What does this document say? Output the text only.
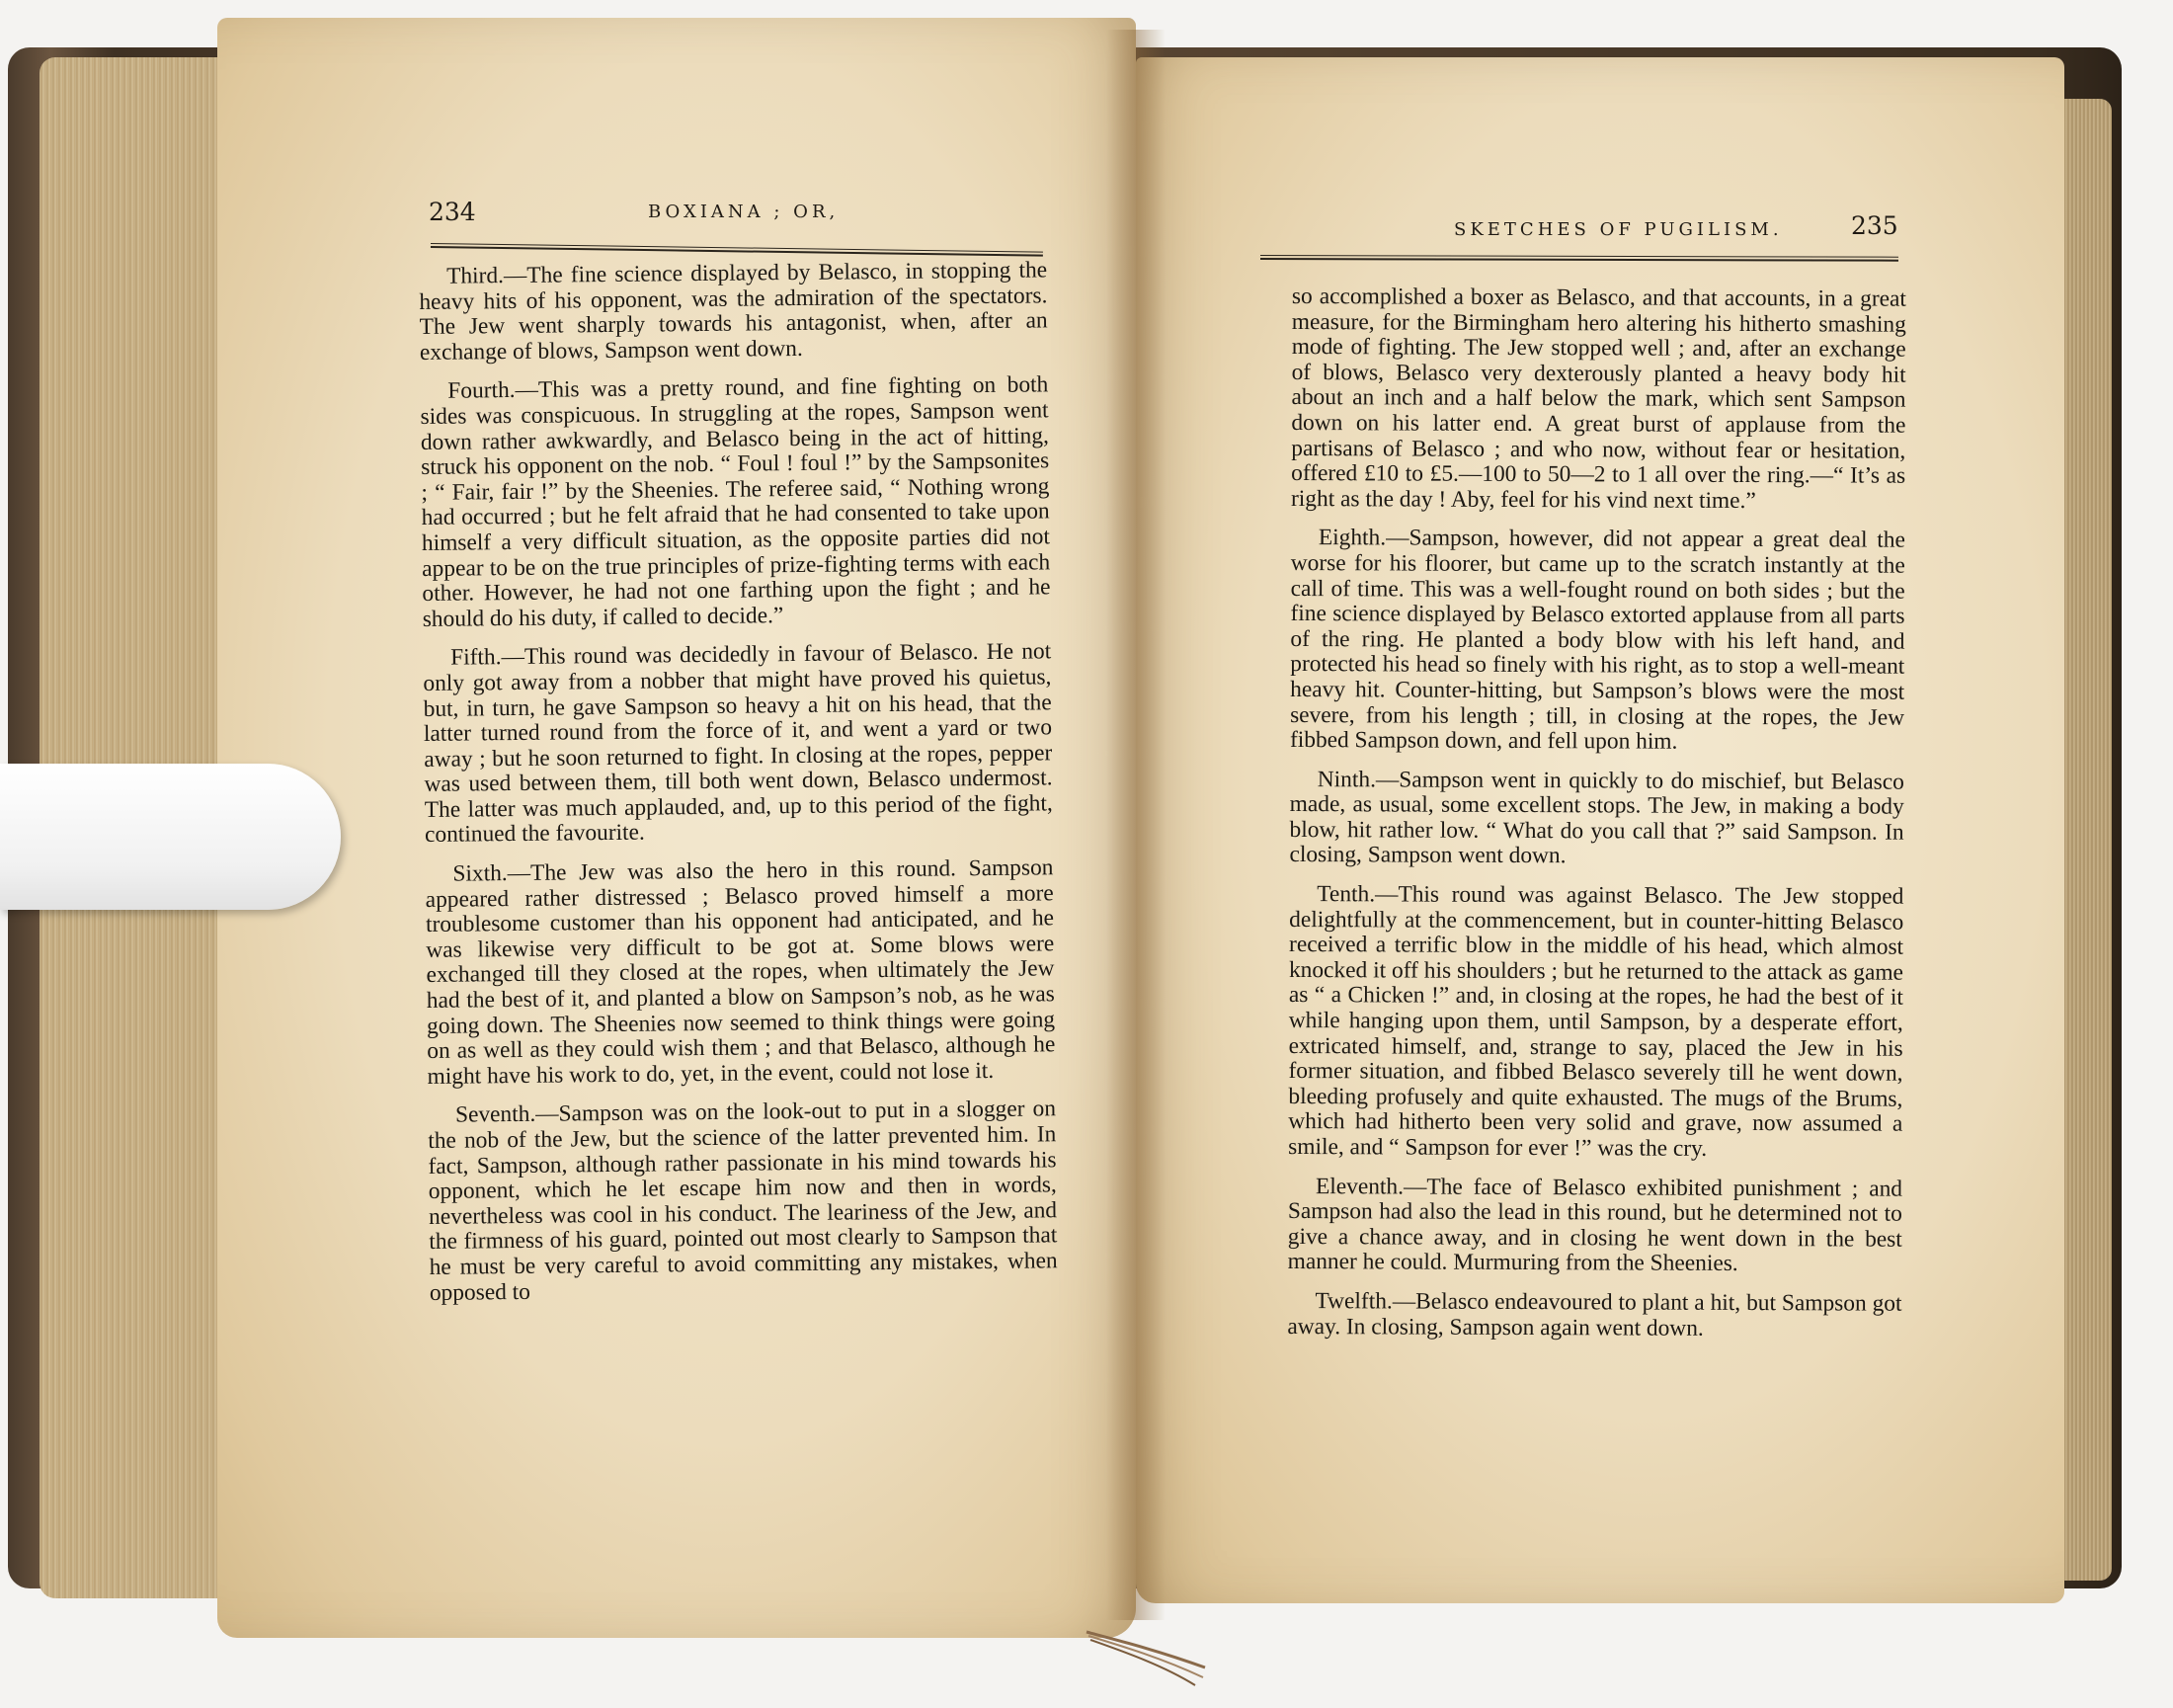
234	BOXIANA ; OR,
SKETCHES OF PUGILISM.	235

Third.—The fine science displayed by Belasco, in stopping the heavy hits of his opponent, was the admiration of the spectators. The Jew went sharply towards his antagonist, when, after an exchange of blows, Sampson went down.

Fourth.—This was a pretty round, and fine fighting on both sides was conspicuous. In struggling at the ropes, Sampson went down rather awkwardly, and Belasco being in the act of hitting, struck his opponent on the nob. “ Foul ! foul !” by the Sampsonites ; “ Fair, fair !” by the Sheenies. The referee said, “ Nothing wrong had occurred ; but he felt afraid that he had consented to take upon himself a very difficult situation, as the opposite parties did not appear to be on the true principles of prize-fighting terms with each other. However, he had not one farthing upon the fight ; and he should do his duty, if called to decide.”

Fifth.—This round was decidedly in favour of Belasco. He not only got away from a nobber that might have proved his quietus, but, in turn, he gave Sampson so heavy a hit on his head, that the latter turned round from the force of it, and went a yard or two away ; but he soon returned to fight. In closing at the ropes, pepper was used between them, till both went down, Belasco undermost. The latter was much applauded, and, up to this period of the fight, continued the favourite.

Sixth.—The Jew was also the hero in this round. Sampson appeared rather distressed ; Belasco proved himself a more troublesome customer than his opponent had anticipated, and he was likewise very difficult to be got at. Some blows were exchanged till they closed at the ropes, when ultimately the Jew had the best of it, and planted a blow on Sampson’s nob, as he was going down. The Sheenies now seemed to think things were going on as well as they could wish them ; and that Belasco, although he might have his work to do, yet, in the event, could not lose it.

Seventh.—Sampson was on the look-out to put in a slogger on the nob of the Jew, but the science of the latter prevented him. In fact, Sampson, although rather passionate in his mind towards his opponent, which he let escape him now and then in words, nevertheless was cool in his conduct. The leariness of the Jew, and the firmness of his guard, pointed out most clearly to Sampson that he must be very careful to avoid committing any mistakes, when opposed to

so accomplished a boxer as Belasco, and that accounts, in a great measure, for the Birmingham hero altering his hitherto smashing mode of fighting. The Jew stopped well ; and, after an exchange of blows, Belasco very dexterously planted a heavy body hit about an inch and a half below the mark, which sent Sampson down on his latter end. A great burst of applause from the partisans of Belasco ; and who now, without fear or hesitation, offered £10 to £5.—100 to 50—2 to 1 all over the ring.—“ It’s as right as the day ! Aby, feel for his vind next time.”

Eighth.—Sampson, however, did not appear a great deal the worse for his floorer, but came up to the scratch instantly at the call of time. This was a well-fought round on both sides ; but the fine science displayed by Belasco extorted applause from all parts of the ring. He planted a body blow with his left hand, and protected his head so finely with his right, as to stop a well-meant heavy hit. Counter-hitting, but Sampson’s blows were the most severe, from his length ; till, in closing at the ropes, the Jew fibbed Sampson down, and fell upon him.

Ninth.—Sampson went in quickly to do mischief, but Belasco made, as usual, some excellent stops. The Jew, in making a body blow, hit rather low. “ What do you call that ?” said Sampson. In closing, Sampson went down.

Tenth.—This round was against Belasco. The Jew stopped delightfully at the commencement, but in counter-hitting Belasco received a terrific blow in the middle of his head, which almost knocked it off his shoulders ; but he returned to the attack as game as “ a Chicken !” and, in closing at the ropes, he had the best of it while hanging upon them, until Sampson, by a desperate effort, extricated himself, and, strange to say, placed the Jew in his former situation, and fibbed Belasco severely till he went down, bleeding profusely and quite exhausted. The mugs of the Brums, which had hitherto been very solid and grave, now assumed a smile, and “ Sampson for ever !” was the cry.

Eleventh.—The face of Belasco exhibited punishment ; and Sampson had also the lead in this round, but he determined not to give a chance away, and in closing he went down in the best manner he could. Murmuring from the Sheenies.

Twelfth.—Belasco endeavoured to plant a hit, but Sampson got away. In closing, Sampson again went down.
